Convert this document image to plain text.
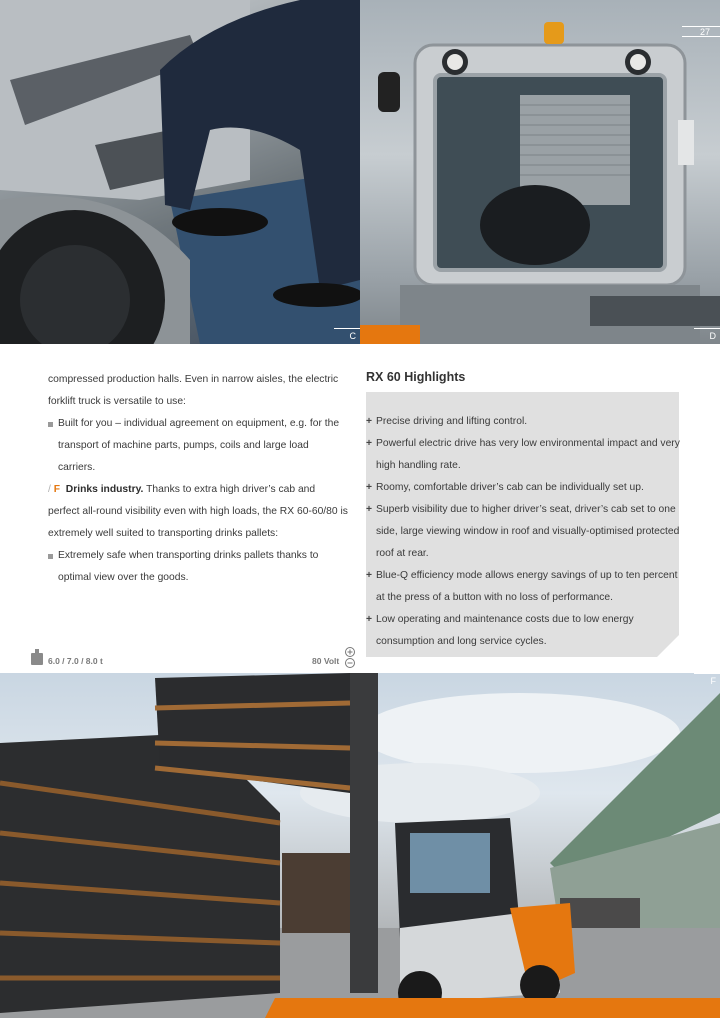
C
27
D

compressed production halls. Even in narrow aisles, the electric forklift truck is versatile to use:

Built for you – individual agreement on equipment, e.g. for the transport of machine parts, pumps, coils and large load carriers.

/ F Drinks industry. Thanks to extra high driver’s cab and perfect all-round visibility even with high loads, the RX 60-60/80 is extremely well suited to transporting drinks pallets:

Extremely safe when transporting drinks pallets thanks to optimal view over the goods.

RX 60 Highlights
+ Precise driving and lifting control.
+ Powerful electric drive has very low environmental impact and very high handling rate.
+ Roomy, comfortable driver’s cab can be individually set up.
+ Superb visibility due to higher driver’s seat, driver’s cab set to one side, large viewing window in roof and visually-optimised protected roof at rear.
+ Blue-Q efficiency mode allows energy savings of up to ten percent at the press of a button with no loss of performance.
+ Low operating and maintenance costs due to low energy consumption and long service cycles.
6.0 / 7.0 / 8.0 t	80 Volt
F
